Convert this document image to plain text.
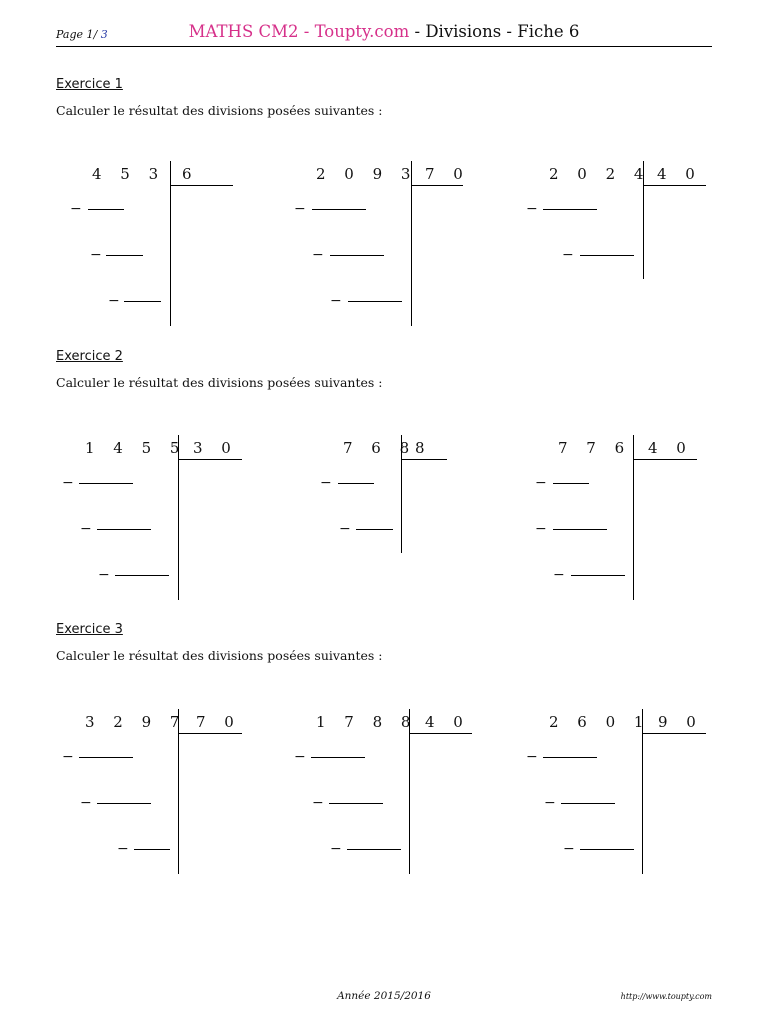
Page 1/ 3	MATHS CM2 - Toupty.com - Divisions - Fiche 6
Exercice 1
Calculer le résultat des divisions posées suivantes :
4 5 3 6
−
−
−
2 0 9 3 7 0
−
−
−
2 0 2 4 4 0
−
−
Exercice 2
Calculer le résultat des divisions posées suivantes :
1 4 5 5 3 0
−
−
−
7 6 8
8
−
−
7 7 6 4 0
−
−
−
Exercice 3
Calculer le résultat des divisions posées suivantes :
3 2 9 7 7 0
−
−
−
1 7 8 8 4 0
−
−
−
2 6 0 1 9 0
−
−
−
Année 2015/2016	http://www.toupty.com
